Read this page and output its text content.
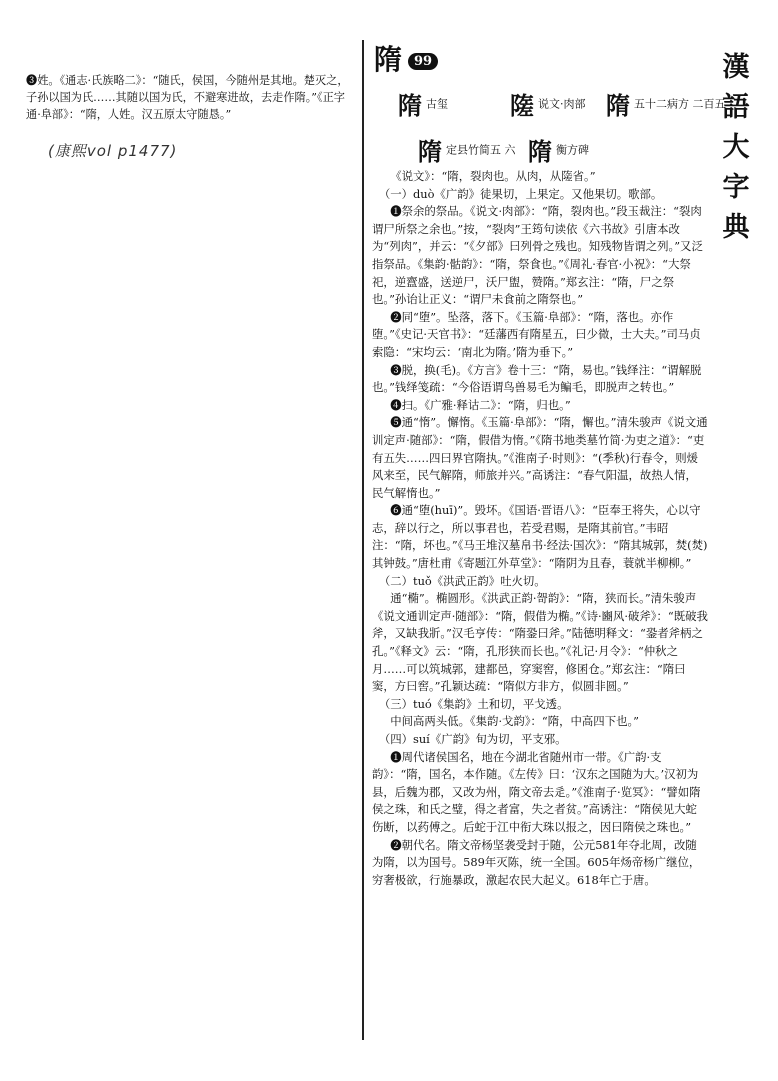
❸姓。《通志·氏族略二》：“随氏，侯国，今随州是其地。楚灭之，子孙以国为氏……其随以国为氏，不避寒进故，去走作隋。”《正字通·阜部》：“隋，人姓。汉五原太守随恳。”
(康熙vol p1477)
漢
語
大
字
典
隋 99
隋古玺	隓说文·肉部 隋五十二病方 二百五
隋定县竹简五 六 隋衡方碑

《说文》：“隋，裂肉也。从肉，从隓省。”

（一）duò《广韵》徒果切，上果定。又他果切。歌部。

❶祭余的祭品。《说文·肉部》：“隋，裂肉也。”段玉裁注：“裂肉谓尸所祭之余也。”按，“裂肉”王筠句读依《六书故》引唐本改为“列肉”，并云：“《夕部》曰列骨之残也。知残物皆谓之列。”又泛指祭品。《集韵·骷韵》：“隋，祭食也。”《周礼·春官·小祝》：“大祭祀，逆齍盛，送逆尸，沃尸盥，赞隋。”郑玄注：“隋，尸之祭也。”孙诒让正义：“谓尸未食前之隋祭也。”

❷同“堕”。坠落，落下。《玉篇·阜部》：“隋，落也。亦作堕。”《史记·天官书》：“廷藩西有隋星五，曰少微，士大夫。”司马贞索隐：“宋均云：‘南北为隋。’隋为垂下。”

❸脱，换(毛)。《方言》卷十三：“隋，易也。”钱绎注：“谓解脱也。”钱绎笺疏：“今俗语谓鸟兽易毛为鳊毛，即脱声之转也。”

❹扫。《广雅·释诂二》：“隋，归也。”

❺通“惰”。懈惰。《玉篇·阜部》：“隋，懈也。”清朱骏声《说文通训定声·随部》：“隋，假借为惰。”《隋书地类墓竹简·为吏之道》：“吏有五失……四曰界官隋执。”《淮南子·时则》：“(季秋)行春令，则煖风来至，民气解隋，师旅并兴。”高诱注：“春气阳温，故热人情，民气解惰也。”

❻通“堕(huī)”。毁坏。《国语·晋语八》：“臣奉王将失，心以守志，辞以行之，所以事君也，若受君赐，是隋其前官。”韦昭注：“隋，坏也。”《马王堆汉墓帛书·经法·国次》：“隋其城郭，焚(焚)其钟鼓。”唐杜甫《寄题江外草堂》：“隋阴为且春，蓑就半柳柳。”

（二）tuǒ《洪武正韵》吐火切。

通“椭”。椭圆形。《洪武正韵·哿韵》：“隋，狭而长。”清朱骏声《说文通训定声·随部》：“隋，假借为椭。”《诗·豳风·破斧》：“既破我斧，又缺我斨。”汉毛亨传：“隋銎曰斧。”陆德明释文：“銎者斧柄之孔。”《释文》云：“隋，孔形狭而长也。”《礼记·月令》：“仲秋之月……可以筑城郭，建都邑，穿窦窖，修囷仓。”郑玄注：“隋曰窦，方曰窖。”孔颖达疏：“隋似方非方，似圆非圆。”

（三）tuó《集韵》土和切，平戈透。

中间高两头低。《集韵·戈韵》：“隋，中高四下也。”

（四）suí《广韵》旬为切，平支邪。

❶周代诸侯国名，地在今湖北省随州市一带。《广韵·支韵》：“隋，国名，本作随。《左传》曰：‘汉东之国随为大。’汉初为县，后魏为郡，又改为州，隋文帝去辵。”《淮南子·览冥》：“譬如隋侯之珠，和氏之璧，得之者富，失之者贫。”高诱注：“隋侯见大蛇伤断，以药傅之。后蛇于江中衔大珠以报之，因曰隋侯之珠也。”

❷朝代名。隋文帝杨坚袭受封于随，公元581年夺北周，改随为隋，以为国号。589年灭陈，统一全国。605年炀帝杨广继位，穷奢极欲，行施暴政，激起农民大起义。618年亡于唐。
